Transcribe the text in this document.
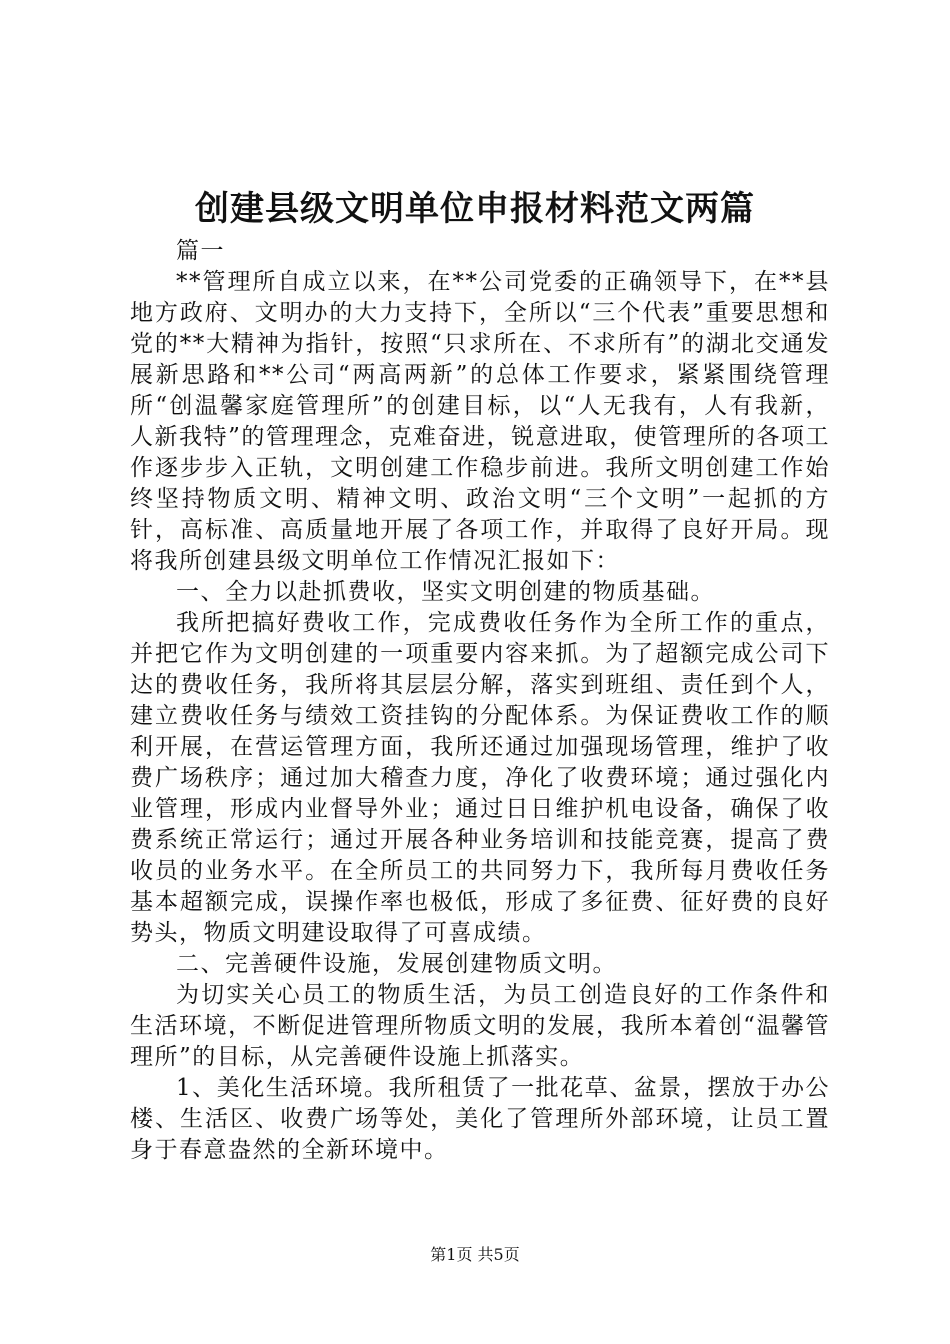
创建县级文明单位申报材料范文两篇

篇一

**管理所自成立以来，在**公司党委的正确领导下，在**县地方政府、文明办的大力支持下，全所以“三个代表”重要思想和党的**大精神为指针，按照“只求所在、不求所有”的湖北交通发展新思路和**公司“两高两新”的总体工作要求，紧紧围绕管理所“创温馨家庭管理所”的创建目标，以“人无我有，人有我新，人新我特”的管理理念，克难奋进，锐意进取，使管理所的各项工作逐步步入正轨，文明创建工作稳步前进。我所文明创建工作始终坚持物质文明、精神文明、政治文明“三个文明”一起抓的方针，高标准、高质量地开展了各项工作，并取得了良好开局。现将我所创建县级文明单位工作情况汇报如下：

一、全力以赴抓费收，坚实文明创建的物质基础。

我所把搞好费收工作，完成费收任务作为全所工作的重点，并把它作为文明创建的一项重要内容来抓。为了超额完成公司下达的费收任务，我所将其层层分解，落实到班组、责任到个人，建立费收任务与绩效工资挂钩的分配体系。为保证费收工作的顺利开展，在营运管理方面，我所还通过加强现场管理，维护了收费广场秩序；通过加大稽查力度，净化了收费环境；通过强化内业管理，形成内业督导外业；通过日日维护机电设备，确保了收费系统正常运行；通过开展各种业务培训和技能竞赛，提高了费收员的业务水平。在全所员工的共同努力下，我所每月费收任务基本超额完成，误操作率也极低，形成了多征费、征好费的良好势头，物质文明建设取得了可喜成绩。

二、完善硬件设施，发展创建物质文明。

为切实关心员工的物质生活，为员工创造良好的工作条件和生活环境，不断促进管理所物质文明的发展，我所本着创“温馨管理所”的目标，从完善硬件设施上抓落实。

1、美化生活环境。我所租赁了一批花草、盆景，摆放于办公楼、生活区、收费广场等处，美化了管理所外部环境，让员工置身于春意盎然的全新环境中。

第1页 共5页
